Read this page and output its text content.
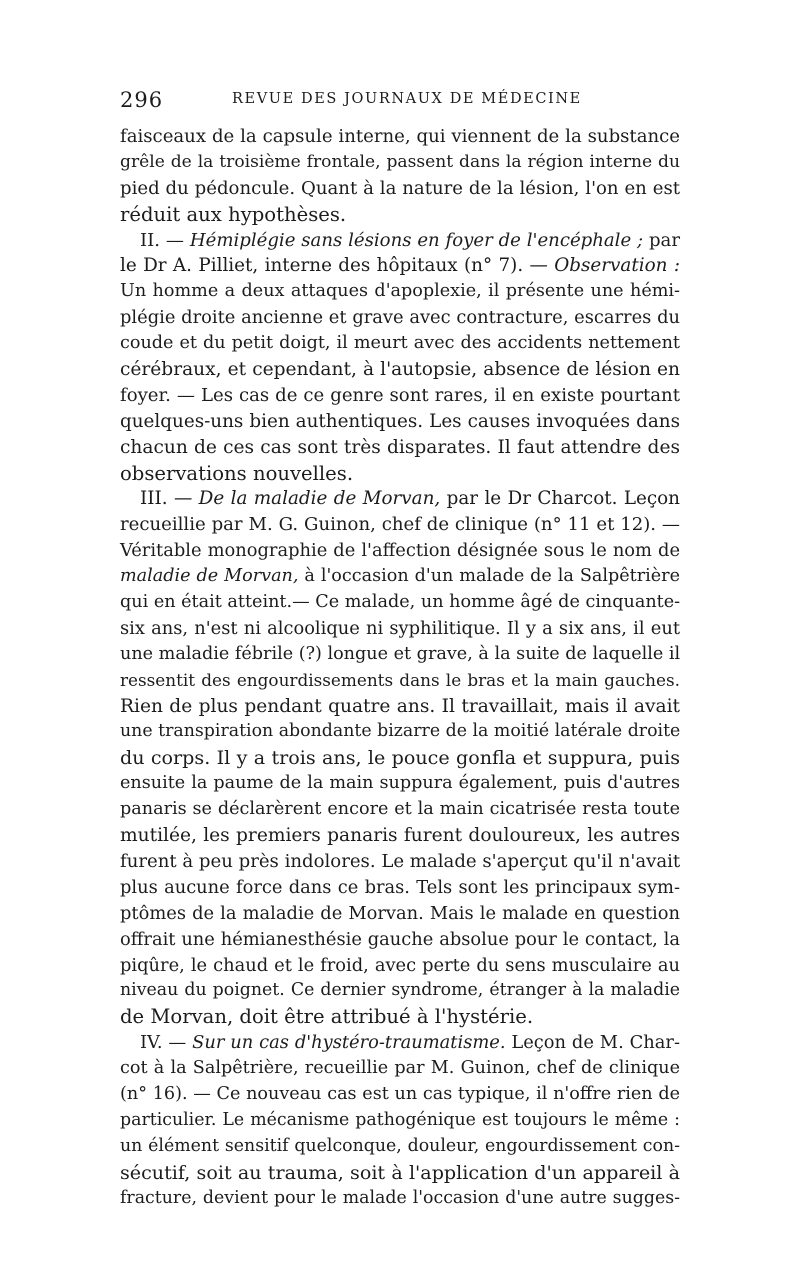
296	REVUE DES JOURNAUX DE MÉDECINE
faisceaux de la capsule interne, qui viennent de la substance
grêle de la troisième frontale, passent dans la région interne du
pied du pédoncule. Quant à la nature de la lésion, l'on en est
réduit aux hypothèses.
II. — Hémiplégie sans lésions en foyer de l'encéphale ; par
le Dr A. Pilliet, interne des hôpitaux (n° 7). — Observation :
Un homme a deux attaques d'apoplexie, il présente une hémi-
plégie droite ancienne et grave avec contracture, escarres du
coude et du petit doigt, il meurt avec des accidents nettement
cérébraux, et cependant, à l'autopsie, absence de lésion en
foyer. — Les cas de ce genre sont rares, il en existe pourtant
quelques-uns bien authentiques. Les causes invoquées dans
chacun de ces cas sont très disparates. Il faut attendre des
observations nouvelles.
III. — De la maladie de Morvan, par le Dr Charcot. Leçon
recueillie par M. G. Guinon, chef de clinique (n° 11 et 12). —
Véritable monographie de l'affection désignée sous le nom de
maladie de Morvan, à l'occasion d'un malade de la Salpêtrière
qui en était atteint.— Ce malade, un homme âgé de cinquante-
six ans, n'est ni alcoolique ni syphilitique. Il y a six ans, il eut
une maladie fébrile (?) longue et grave, à la suite de laquelle il
ressentit des engourdissements dans le bras et la main gauches.
Rien de plus pendant quatre ans. Il travaillait, mais il avait
une transpiration abondante bizarre de la moitié latérale droite
du corps. Il y a trois ans, le pouce gonfla et suppura, puis
ensuite la paume de la main suppura également, puis d'autres
panaris se déclarèrent encore et la main cicatrisée resta toute
mutilée, les premiers panaris furent douloureux, les autres
furent à peu près indolores. Le malade s'aperçut qu'il n'avait
plus aucune force dans ce bras. Tels sont les principaux sym-
ptômes de la maladie de Morvan. Mais le malade en question
offrait une hémianesthésie gauche absolue pour le contact, la
piqûre, le chaud et le froid, avec perte du sens musculaire au
niveau du poignet. Ce dernier syndrome, étranger à la maladie
de Morvan, doit être attribué à l'hystérie.
IV. — Sur un cas d'hystéro-traumatisme. Leçon de M. Char-
cot à la Salpêtrière, recueillie par M. Guinon, chef de clinique
(n° 16). — Ce nouveau cas est un cas typique, il n'offre rien de
particulier. Le mécanisme pathogénique est toujours le même :
un élément sensitif quelconque, douleur, engourdissement con-
sécutif, soit au trauma, soit à l'application d'un appareil à
fracture, devient pour le malade l'occasion d'une autre sugges-
